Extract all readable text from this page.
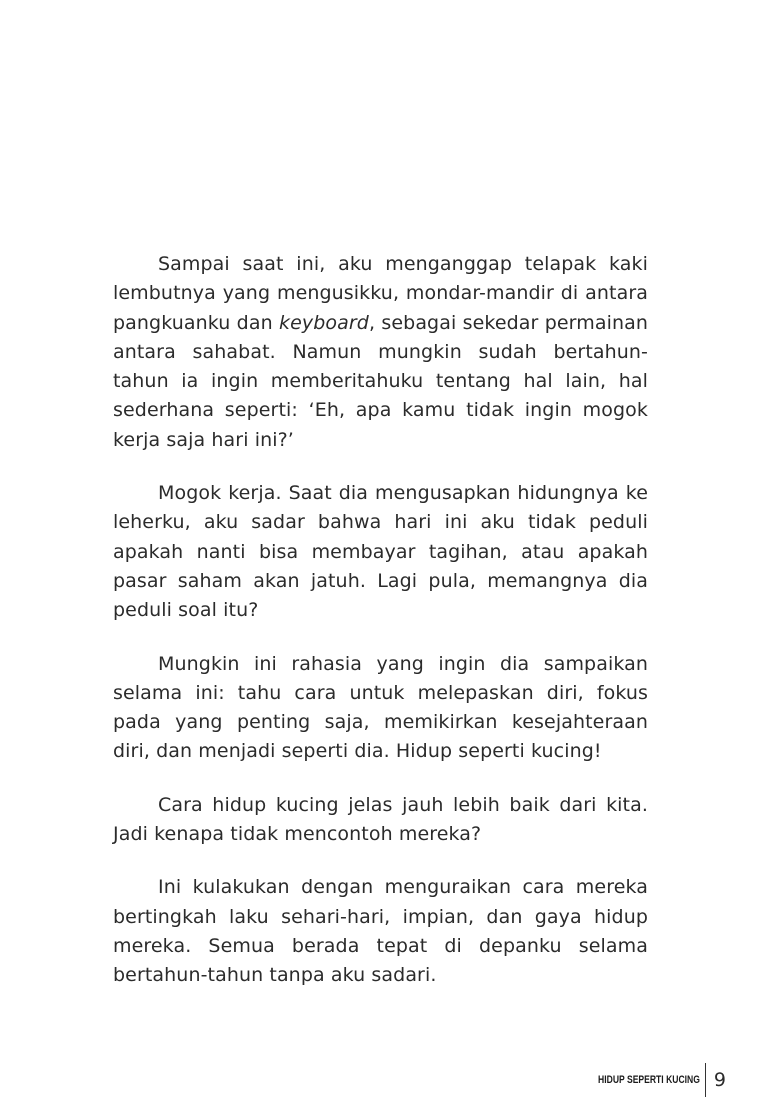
Sampai saat ini, aku menganggap telapak kaki lembutnya yang mengusikku, mondar-mandir di antara pangkuanku dan keyboard, sebagai sekedar permainan antara sahabat. Namun mungkin sudah bertahun-tahun ia ingin memberitahuku tentang hal lain, hal sederhana seperti: ‘Eh, apa kamu tidak ingin mogok kerja saja hari ini?’

Mogok kerja. Saat dia mengusapkan hidungnya ke leherku, aku sadar bahwa hari ini aku tidak peduli apakah nanti bisa membayar tagihan, atau apakah pasar saham akan jatuh. Lagi pula, memangnya dia peduli soal itu?

Mungkin ini rahasia yang ingin dia sampaikan selama ini: tahu cara untuk melepaskan diri, fokus pada yang penting saja, memikirkan kesejahteraan diri, dan menjadi seperti dia. Hidup seperti kucing!

Cara hidup kucing jelas jauh lebih baik dari kita. Jadi kenapa tidak mencontoh mereka?

Ini kulakukan dengan menguraikan cara mereka bertingkah laku sehari-hari, impian, dan gaya hidup mereka. Semua berada tepat di depanku selama bertahun-tahun tanpa aku sadari.

HIDUP SEPERTI KUCING 9
